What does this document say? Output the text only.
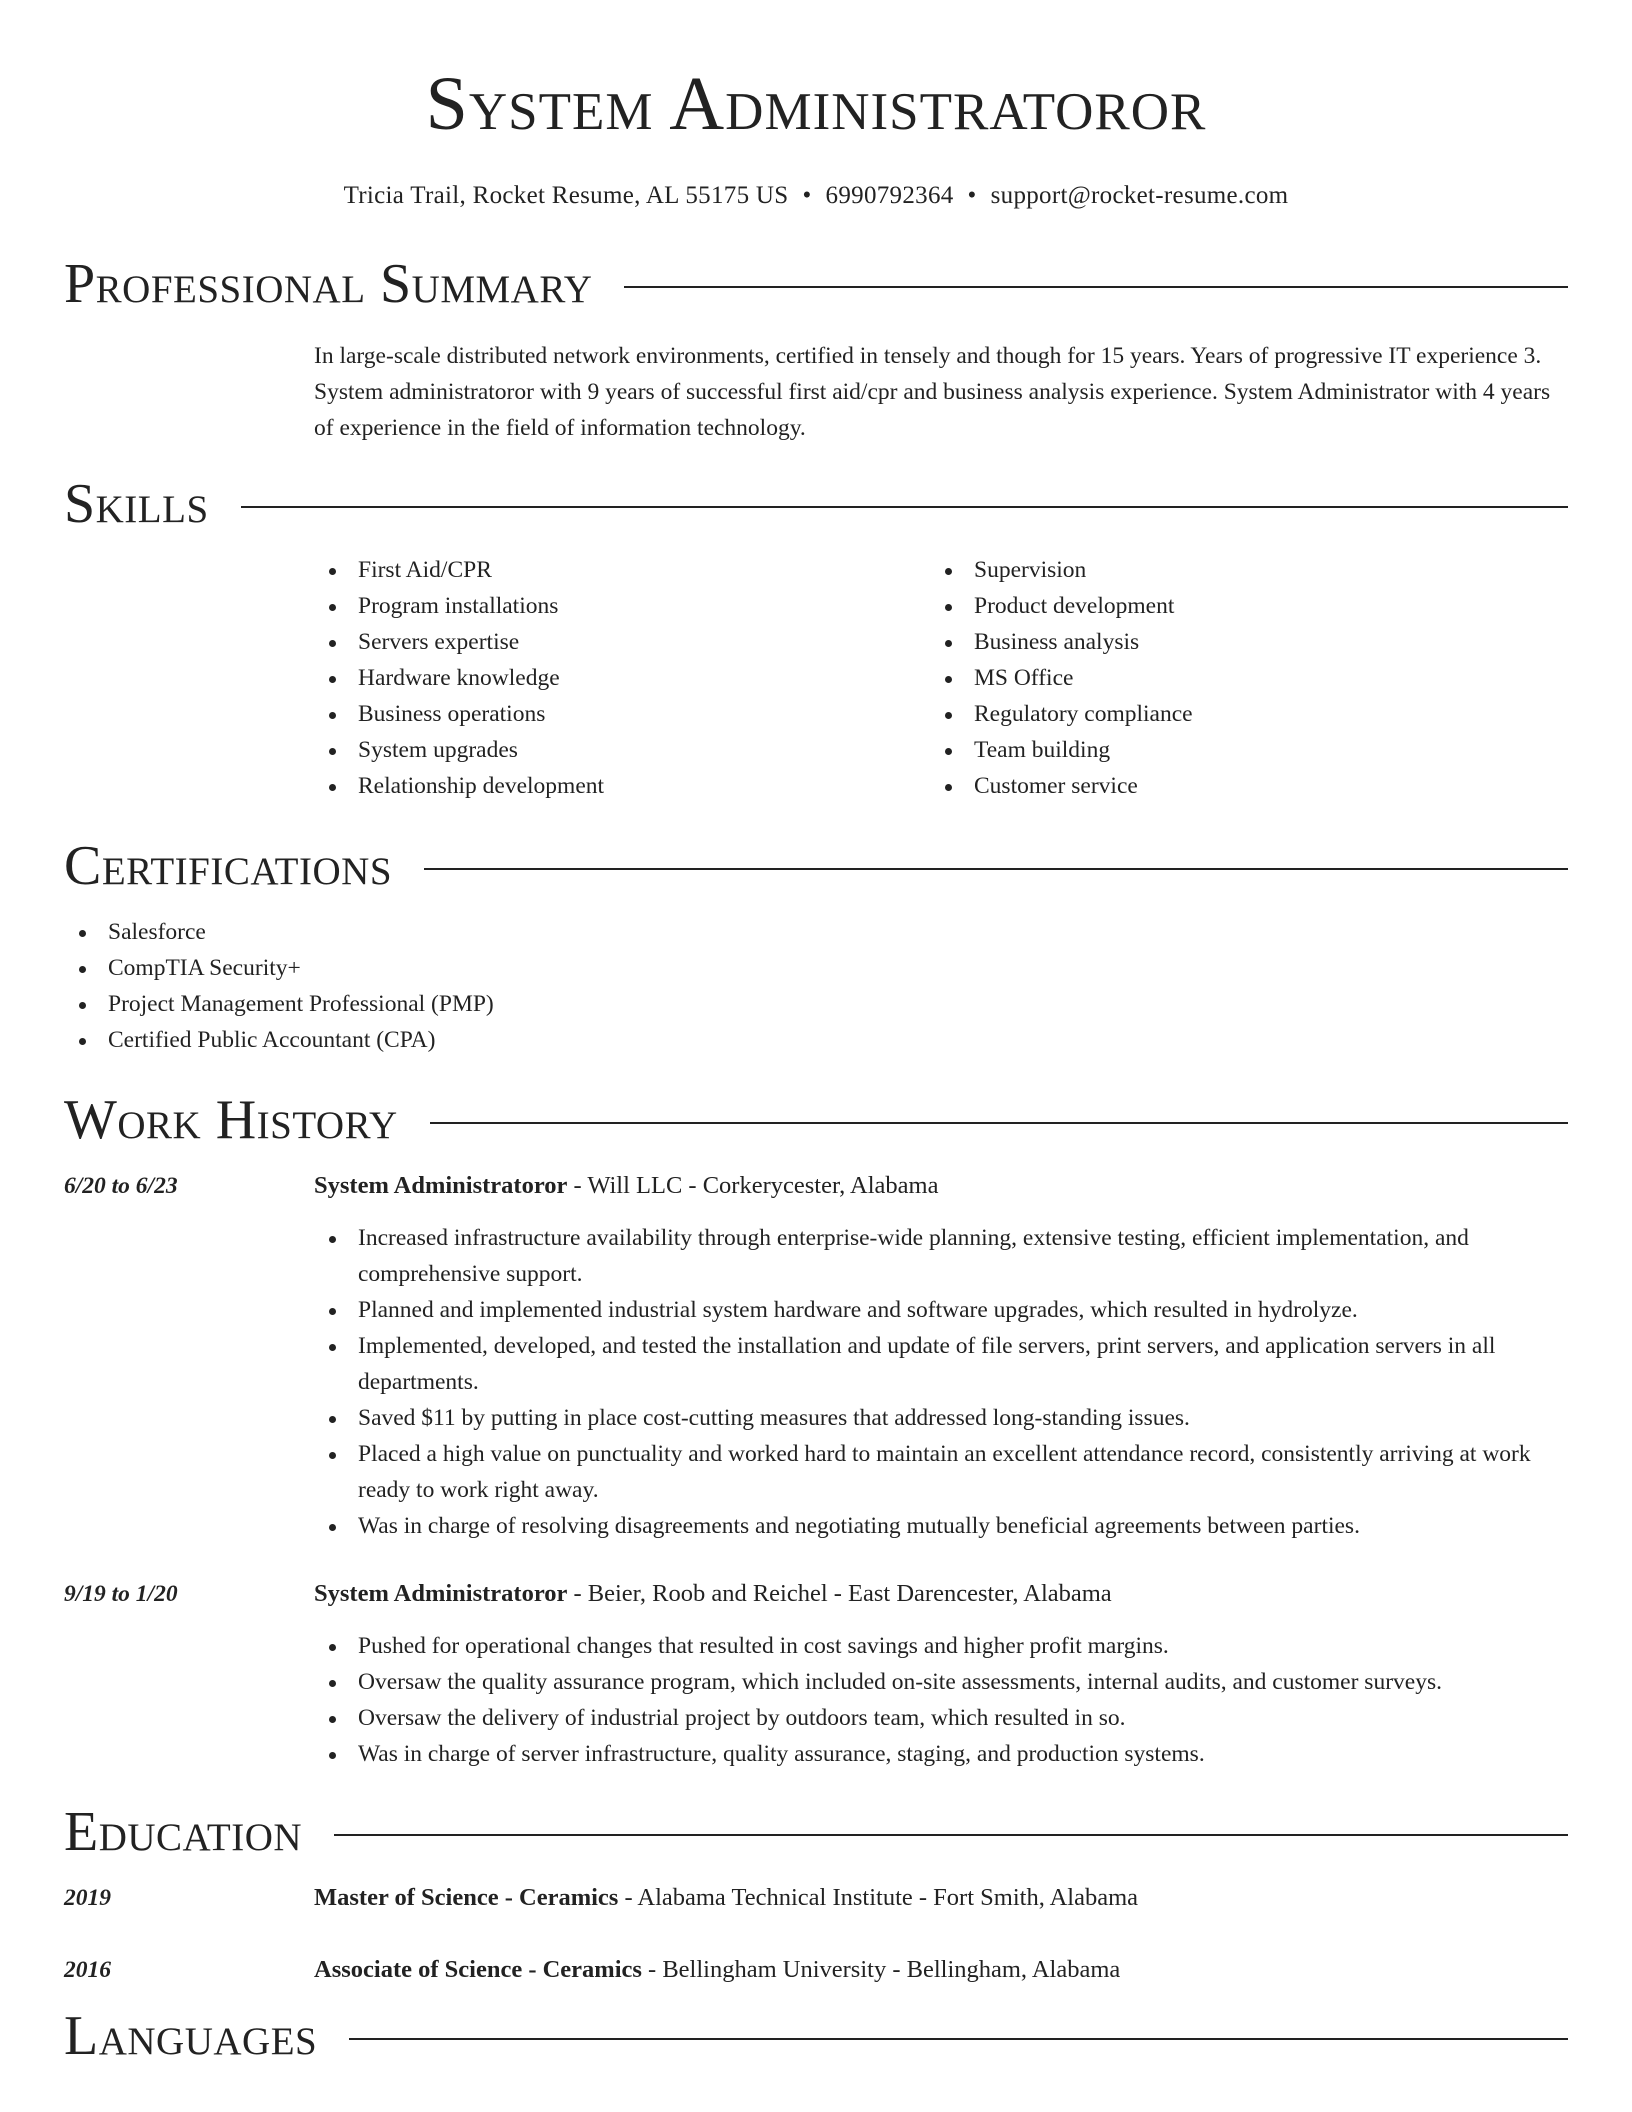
System Administratoror
Tricia Trail, Rocket Resume, AL 55175 US • 6990792364 • support@rocket-resume.com
Professional Summary

In large-scale distributed network environments, certified in tensely and though for 15 years. Years of progressive IT experience 3. System administratoror with 9 years of successful first aid/cpr and business analysis experience. System Administrator with 4 years of experience in the field of information technology.

Skills
First Aid/CPR
Program installations
Servers expertise
Hardware knowledge
Business operations
System upgrades
Relationship development
Supervision
Product development
Business analysis
MS Office
Regulatory compliance
Team building
Customer service
Certifications
Salesforce
CompTIA Security+
Project Management Professional (PMP)
Certified Public Accountant (CPA)
Work History
6/20 to 6/23	System Administratoror - Will LLC - Corkerycester, Alabama
Increased infrastructure availability through enterprise-wide planning, extensive testing, efficient implementation, and comprehensive support.
Planned and implemented industrial system hardware and software upgrades, which resulted in hydrolyze.
Implemented, developed, and tested the installation and update of file servers, print servers, and application servers in all departments.
Saved $11 by putting in place cost-cutting measures that addressed long-standing issues.
Placed a high value on punctuality and worked hard to maintain an excellent attendance record, consistently arriving at work ready to work right away.
Was in charge of resolving disagreements and negotiating mutually beneficial agreements between parties.
9/19 to 1/20	System Administratoror - Beier, Roob and Reichel - East Darencester, Alabama
Pushed for operational changes that resulted in cost savings and higher profit margins.
Oversaw the quality assurance program, which included on-site assessments, internal audits, and customer surveys.
Oversaw the delivery of industrial project by outdoors team, which resulted in so.
Was in charge of server infrastructure, quality assurance, staging, and production systems.
Education
2019	Master of Science - Ceramics - Alabama Technical Institute - Fort Smith, Alabama
2016	Associate of Science - Ceramics - Bellingham University - Bellingham, Alabama
Languages
